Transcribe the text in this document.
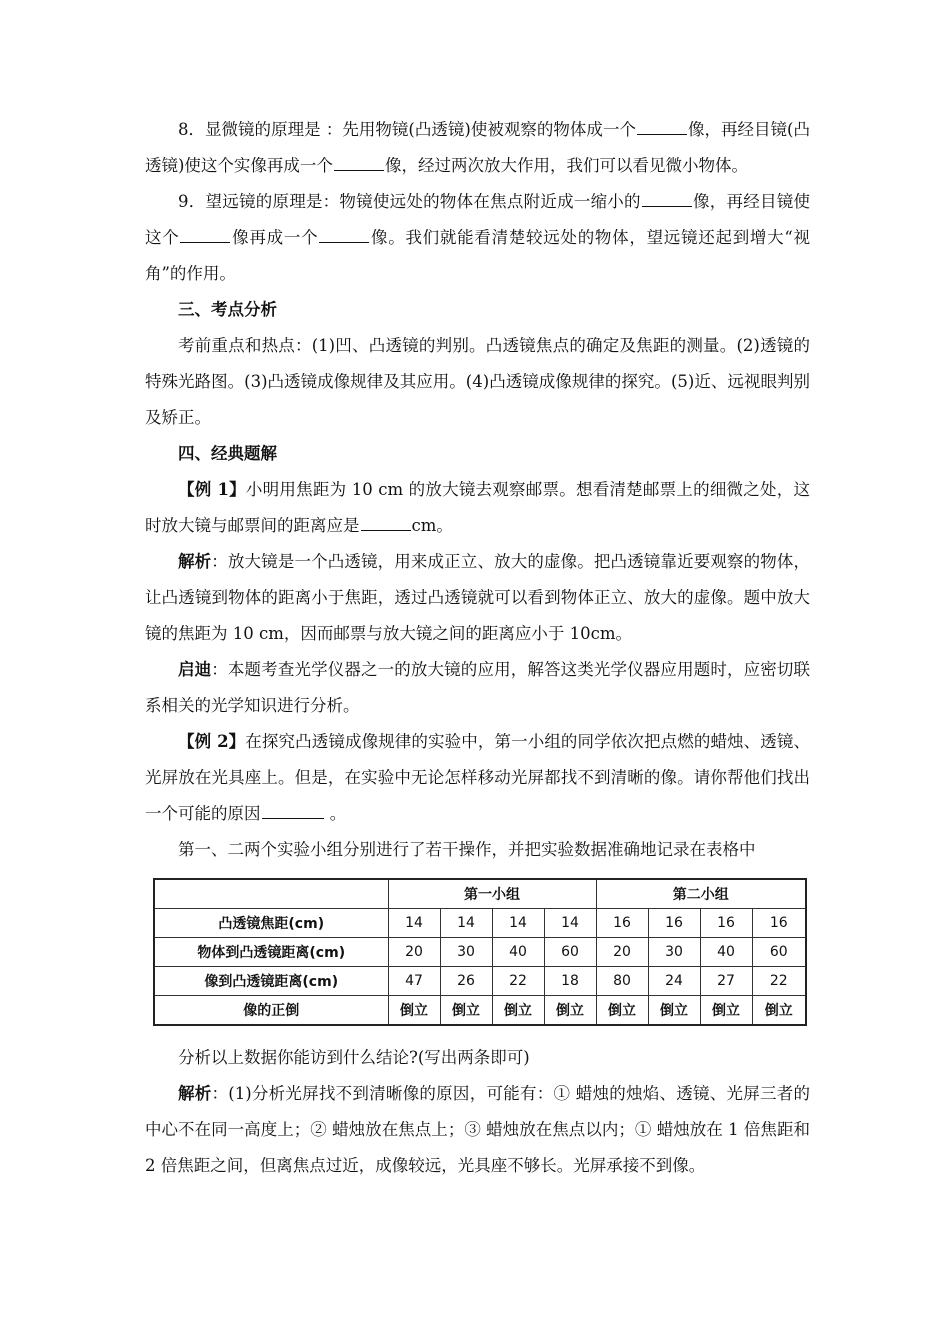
8．显微镜的原理是 ：先用物镜(凸透镜)使被观察的物体成一个	像，再经目镜(凸透镜)使这个实像再成一个	像，经过两次放大作用，我们可以看见微小物体。

9．望远镜的原理是：物镜使远处的物体在焦点附近成一缩小的	像，再经目镜使这个	像再成一个	像。我们就能看清楚较远处的物体，望远镜还起到增大“视角”的作用。

三、考点分析

考前重点和热点：(1)凹、凸透镜的判别。凸透镜焦点的确定及焦距的测量。(2)透镜的特殊光路图。(3)凸透镜成像规律及其应用。(4)凸透镜成像规律的探究。(5)近、远视眼判别及矫正。

四、经典题解

【例 1】小明用焦距为 10 cm 的放大镜去观察邮票。想看清楚邮票上的细微之处，这时放大镜与邮票间的距离应是	cm。

解析：放大镜是一个凸透镜，用来成正立、放大的虚像。把凸透镜靠近要观察的物体，让凸透镜到物体的距离小于焦距，透过凸透镜就可以看到物体正立、放大的虚像。题中放大镜的焦距为 10 cm，因而邮票与放大镜之间的距离应小于 10cm。

启迪：本题考查光学仪器之一的放大镜的应用，解答这类光学仪器应用题时，应密切联系相关的光学知识进行分析。

【例 2】在探究凸透镜成像规律的实验中，第一小组的同学依次把点燃的蜡烛、透镜、光屏放在光具座上。但是，在实验中无论怎样移动光屏都找不到清晰的像。请你帮他们找出一个可能的原因	。

第一、二两个实验小组分别进行了若干操作，并把实验数据准确地记录在表格中

	第一小组				第二小组			
凸透镜焦距(cm)	14	14	14	14	16	16	16	16
物体到凸透镜距离(cm)	20	30	40	60	20	30	40	60
像到凸透镜距离(cm)	47	26	22	18	80	24	27	22
像的正倒	倒立	倒立	倒立	倒立	倒立	倒立	倒立	倒立

分析以上数据你能访到什么结论?(写出两条即可)

解析：(1)分析光屏找不到清晰像的原因，可能有：① 蜡烛的烛焰、透镜、光屏三者的中心不在同一高度上；② 蜡烛放在焦点上；③ 蜡烛放在焦点以内；① 蜡烛放在 1 倍焦距和 2 倍焦距之间，但离焦点过近，成像较远，光具座不够长。光屏承接不到像。
